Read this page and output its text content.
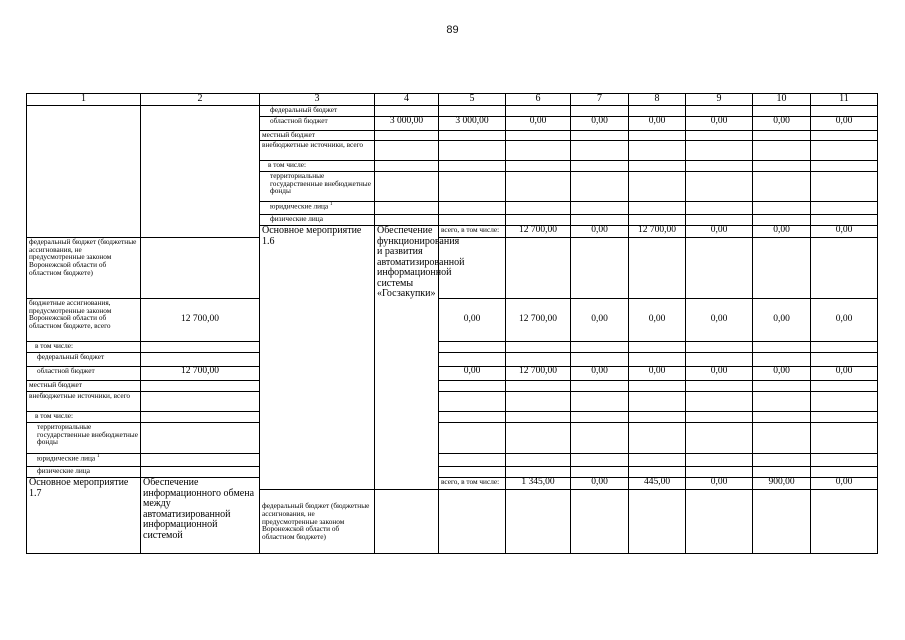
89
1	2	3	4	5	6	7	8	9	10	11	
		федеральный бюджет									
		областной бюджет	3 000,00	3 000,00	0,00	0,00	0,00	0,00	0,00	0,00	
		местный бюджет									
		внебюджетные источники, всего									
		в том числе:									
		территориальные государственные внебюджетные фонды									
		юридические лица $^1$								
		физические лица									
		Основное мероприятие 1.6	Обеспечение функционирования и развития автоматизированной информационной системы «Госзакупки»	всего, в том числе:	12 700,00	0,00	12 700,00	0,00	0,00	0,00		
федеральный бюджет (бюджетные ассигнования, не предусмотренные законом Воронежской области об областном бюджете)											
бюджетные ассигнования, предусмотренные законом Воронежской области об областном бюджете, всего	12 700,00			0,00	12 700,00	0,00	0,00	0,00	0,00	0,00	
в том числе:											
федеральный бюджет											
областной бюджет	12 700,00			0,00	12 700,00	0,00	0,00	0,00	0,00	0,00	
местный бюджет											
внебюджетные источники, всего											
в том числе:											
территориальные государственные внебюджетные фонды											
юридические лица $^1$								
физические лица											
Основное мероприятие 1.7	Обеспечение информационного обмена между автоматизированной информационной системой			всего, в том числе:	1 345,00	0,00	445,00	0,00	900,00	0,00		
		федеральный бюджет (бюджетные ассигнования, не предусмотренные законом Воронежской области об областном бюджете)									
